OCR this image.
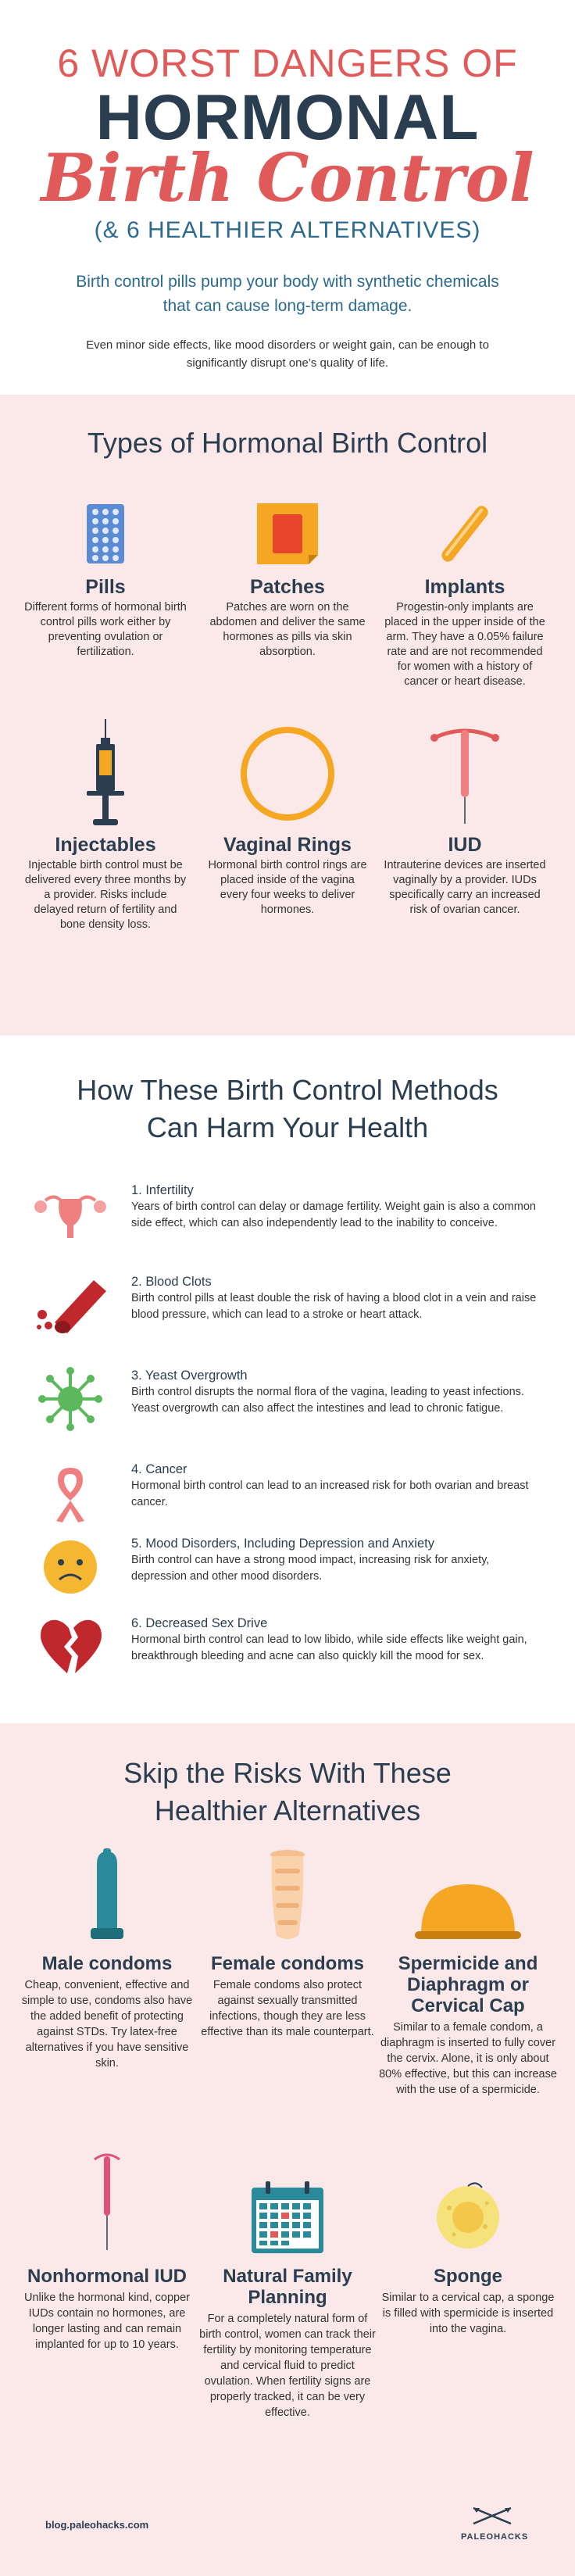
6 WORST DANGERS OF
HORMONAL
Birth Control
(& 6 HEALTHIER ALTERNATIVES)
Birth control pills pump your body with synthetic chemicals that can cause long-term damage.
Even minor side effects, like mood disorders or weight gain, can be enough to significantly disrupt one’s quality of life.
Types of Hormonal Birth Control
Pills

Different forms of hormonal birth control pills work either by preventing ovulation or fertilization.

Patches

Patches are worn on the abdomen and deliver the same hormones as pills via skin absorption.

Implants

Progestin-only implants are placed in the upper inside of the arm. They have a 0.05% failure rate and are not recommended for women with a history of cancer or heart disease.

Injectables

Injectable birth control must be delivered every three months by a provider. Risks include delayed return of fertility and bone density loss.

Vaginal Rings

Hormonal birth control rings are placed inside of the vagina every four weeks to deliver hormones.

IUD

Intrauterine devices are inserted vaginally by a provider. IUDs specifically carry an increased risk of ovarian cancer.

How These Birth Control Methods
Can Harm Your Health
1. Infertility

Years of birth control can delay or damage fertility. Weight gain is also a common side effect, which can also independently lead to the inability to conceive.

2. Blood Clots

Birth control pills at least double the risk of having a blood clot in a vein and raise blood pressure, which can lead to a stroke or heart attack.

3. Yeast Overgrowth

Birth control disrupts the normal flora of the vagina, leading to yeast infections. Yeast overgrowth can also affect the intestines and lead to chronic fatigue.

4. Cancer

Hormonal birth control can lead to an increased risk for both ovarian and breast cancer.

5. Mood Disorders, Including Depression and Anxiety

Birth control can have a strong mood impact, increasing risk for anxiety, depression and other mood disorders.

6. Decreased Sex Drive

Hormonal birth control can lead to low libido, while side effects like weight gain, breakthrough bleeding and acne can also quickly kill the mood for sex.

Skip the Risks With These
Healthier Alternatives
Male condoms

Cheap, convenient, effective and simple to use, condoms also have the added benefit of protecting against STDs. Try latex-free alternatives if you have sensitive skin.

Female condoms

Female condoms also protect against sexually transmitted infections, though they are less effective than its male counterpart.

Spermicide and Diaphragm or Cervical Cap

Similar to a female condom, a diaphragm is inserted to fully cover the cervix. Alone, it is only about 80% effective, but this can increase with the use of a spermicide.

Nonhormonal IUD

Unlike the hormonal kind, copper IUDs contain no hormones, are longer lasting and can remain implanted for up to 10 years.

Natural Family Planning

For a completely natural form of birth control, women can track their fertility by monitoring temperature and cervical fluid to predict ovulation. When fertility signs are properly tracked, it can be very effective.

Sponge

Similar to a cervical cap, a sponge is filled with spermicide is inserted into the vagina.

blog.paleohacks.com
PALEOHACKS
